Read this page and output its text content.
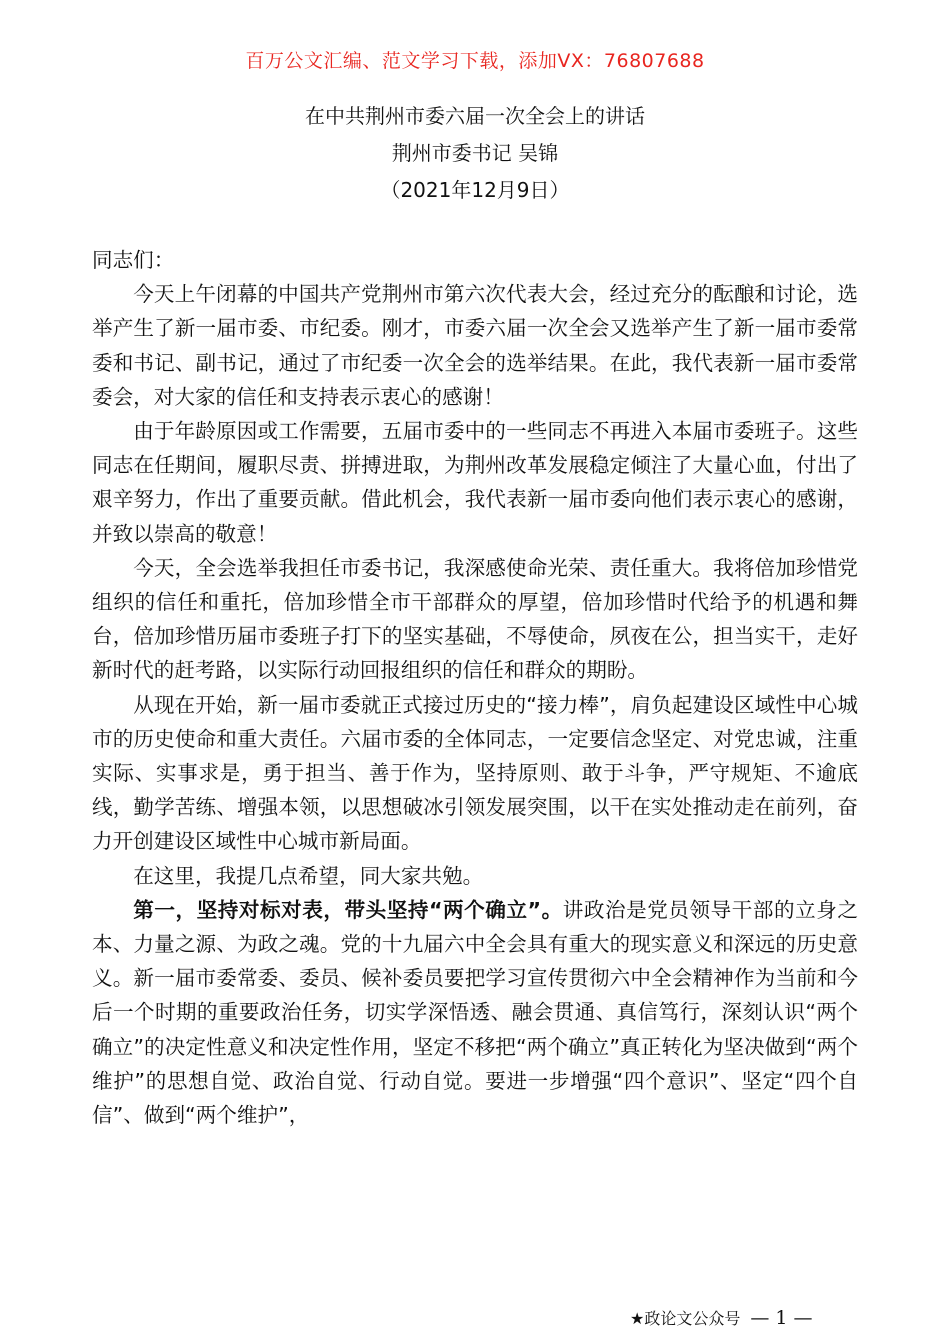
百万公文汇编、范文学习下载，添加VX：76807688
在中共荆州市委六届一次全会上的讲话
荆州市委书记 吴锦
（2021年12月9日）

同志们：

今天上午闭幕的中国共产党荆州市第六次代表大会，经过充分的酝酿和讨论，选举产生了新一届市委、市纪委。刚才，市委六届一次全会又选举产生了新一届市委常委和书记、副书记，通过了市纪委一次全会的选举结果。在此，我代表新一届市委常委会，对大家的信任和支持表示衷心的感谢！

由于年龄原因或工作需要，五届市委中的一些同志不再进入本届市委班子。这些同志在任期间，履职尽责、拼搏进取，为荆州改革发展稳定倾注了大量心血，付出了艰辛努力，作出了重要贡献。借此机会，我代表新一届市委向他们表示衷心的感谢，并致以崇高的敬意！

今天，全会选举我担任市委书记，我深感使命光荣、责任重大。我将倍加珍惜党组织的信任和重托，倍加珍惜全市干部群众的厚望，倍加珍惜时代给予的机遇和舞台，倍加珍惜历届市委班子打下的坚实基础，不辱使命，夙夜在公，担当实干，走好新时代的赶考路，以实际行动回报组织的信任和群众的期盼。

从现在开始，新一届市委就正式接过历史的“接力棒”，肩负起建设区域性中心城市的历史使命和重大责任。六届市委的全体同志，一定要信念坚定、对党忠诚，注重实际、实事求是，勇于担当、善于作为，坚持原则、敢于斗争，严守规矩、不逾底线，勤学苦练、增强本领，以思想破冰引领发展突围，以干在实处推动走在前列，奋力开创建设区域性中心城市新局面。

在这里，我提几点希望，同大家共勉。

第一，坚持对标对表，带头坚持“两个确立”。讲政治是党员领导干部的立身之本、力量之源、为政之魂。党的十九届六中全会具有重大的现实意义和深远的历史意义。新一届市委常委、委员、候补委员要把学习宣传贯彻六中全会精神作为当前和今后一个时期的重要政治任务，切实学深悟透、融会贯通、真信笃行，深刻认识“两个确立”的决定性意义和决定性作用，坚定不移把“两个确立”真正转化为坚决做到“两个维护”的思想自觉、政治自觉、行动自觉。要进一步增强“四个意识”、坚定“四个自信”、做到“两个维护”，

★政论文公众号 — 1 —
